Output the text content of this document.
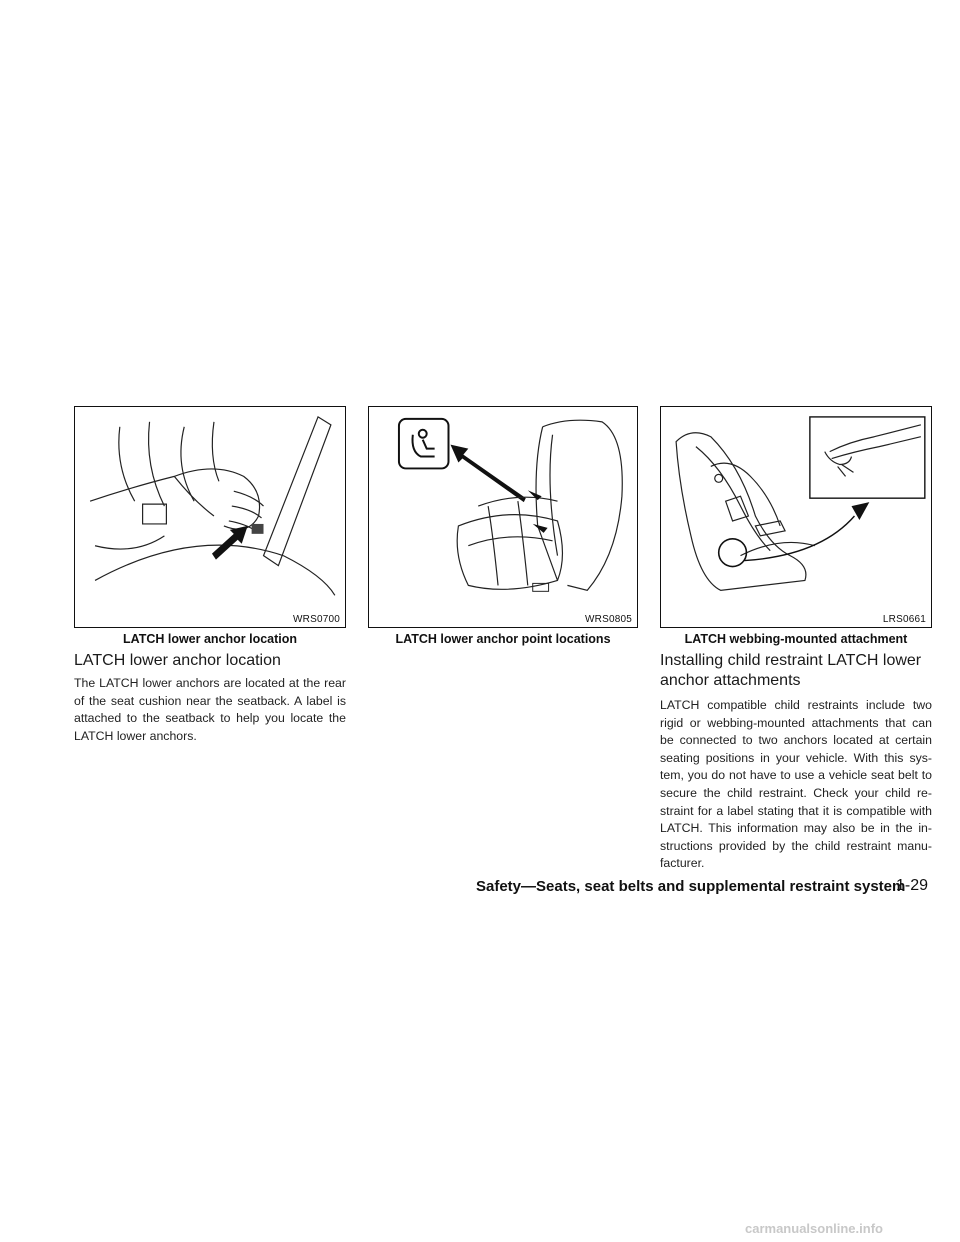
WRS0700
LATCH lower anchor location
WRS0805
LATCH lower anchor point locations
LRS0661
LATCH webbing-mounted attachment
LATCH lower anchor location

The LATCH lower anchors are located at the rear of the seat cushion near the seatback. A label is attached to the seatback to help you locate the LATCH lower anchors.

Installing child restraint LATCH lower anchor attachments

LATCH compatible child restraints include two rigid or webbing-mounted attachments that can be connected to two anchors located at certain seating positions in your vehicle. With this sys-tem, you do not have to use a vehicle seat belt to secure the child restraint. Check your child re-straint for a label stating that it is compatible with LATCH. This information may also be in the in-structions provided by the child restraint manu-facturer.

Safety—Seats, seat belts and supplemental restraint system
1-29
carmanualsonline.info
